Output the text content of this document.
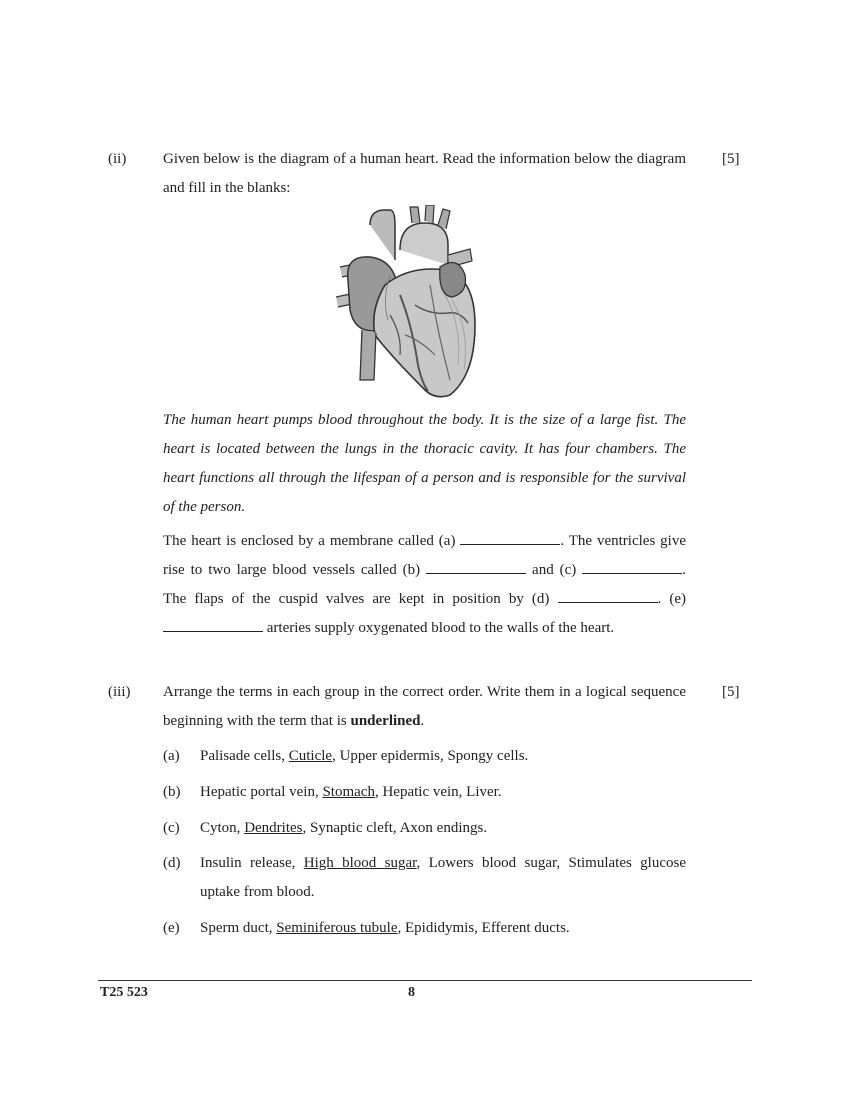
(ii)	[5]
Given below is the diagram of a human heart. Read the information below the diagram and fill in the blanks:
The human heart pumps blood throughout the body. It is the size of a large fist. The heart is located between the lungs in the thoracic cavity. It has four chambers. The heart functions all through the lifespan of a person and is responsible for the survival of the person.
The heart is enclosed by a membrane called (a)	. The ventricles give rise to two large blood vessels called (b)	and (c)	. The flaps of the cuspid valves are kept in position by (d)	. (e)  arteries supply oxygenated blood to the walls of the heart.
(iii)	[5]
Arrange the terms in each group in the correct order. Write them in a logical sequence beginning with the term that is underlined.
(a) Palisade cells, Cuticle, Upper epidermis, Spongy cells.
(b) Hepatic portal vein, Stomach, Hepatic vein, Liver.
(c) Cyton, Dendrites, Synaptic cleft, Axon endings.
(d) Insulin release, High blood sugar, Lowers blood sugar, Stimulates glucose uptake from blood.
(e) Sperm duct, Seminiferous tubule, Epididymis, Efferent ducts.
T25 523	8
